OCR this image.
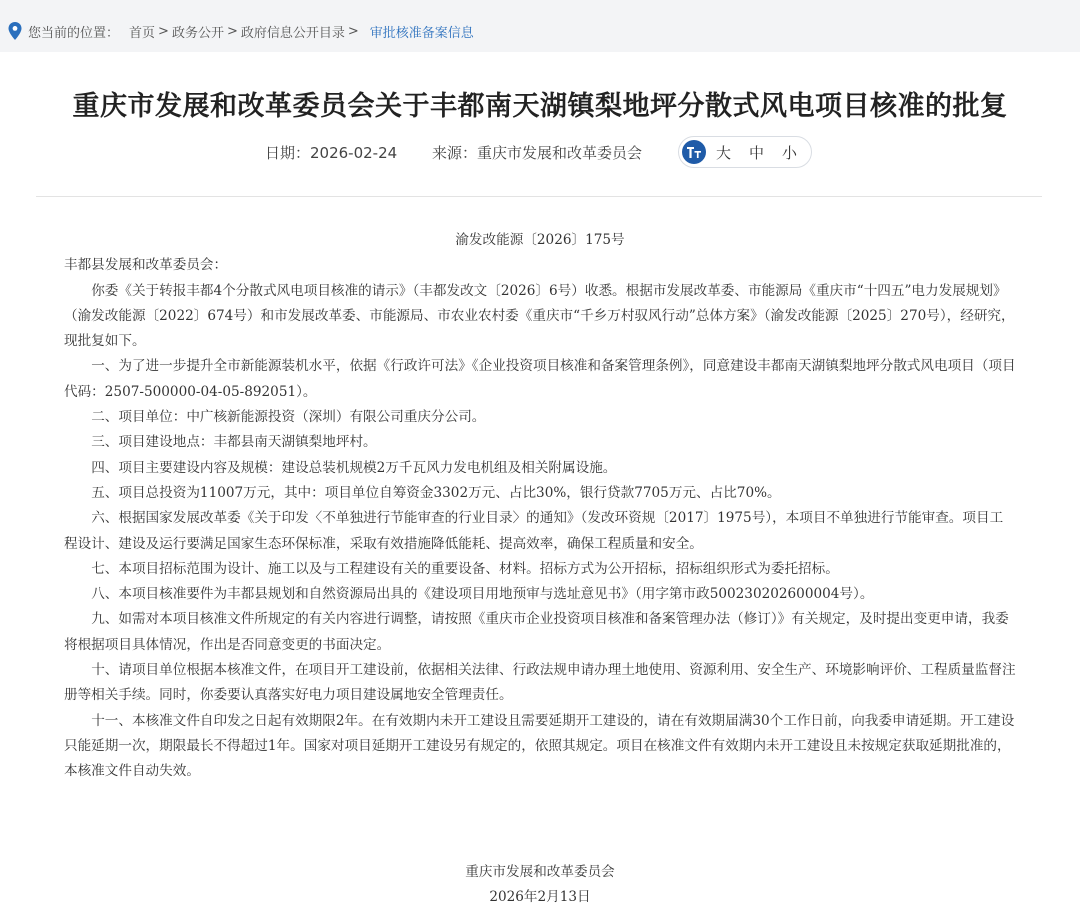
您当前的位置： 首页 > 政务公开 > 政府信息公开目录 > 审批核准备案信息
重庆市发展和改革委员会关于丰都南天湖镇梨地坪分散式风电项目核准的批复
日期：2026-02-24 来源：重庆市发展和改革委员会	大 中 小

渝发改能源〔2026〕175号

丰都县发展和改革委员会：

你委《关于转报丰都4个分散式风电项目核准的请示》（丰都发改文〔2026〕6号）收悉。根据市发展改革委、市能源局《重庆市“十四五”电力发展规划》（渝发改能源〔2022〕674号）和市发展改革委、市能源局、市农业农村委《重庆市“千乡万村驭风行动”总体方案》（渝发改能源〔2025〕270号），经研究，现批复如下。

一、为了进一步提升全市新能源装机水平，依据《行政许可法》《企业投资项目核准和备案管理条例》，同意建设丰都南天湖镇梨地坪分散式风电项目（项目代码：2507-500000-04-05-892051）。

二、项目单位：中广核新能源投资（深圳）有限公司重庆分公司。

三、项目建设地点：丰都县南天湖镇梨地坪村。

四、项目主要建设内容及规模：建设总装机规模2万千瓦风力发电机组及相关附属设施。

五、项目总投资为11007万元，其中：项目单位自筹资金3302万元、占比30%，银行贷款7705万元、占比70%。

六、根据国家发展改革委《关于印发〈不单独进行节能审查的行业目录〉的通知》（发改环资规〔2017〕1975号），本项目不单独进行节能审查。项目工程设计、建设及运行要满足国家生态环保标准，采取有效措施降低能耗、提高效率，确保工程质量和安全。

七、本项目招标范围为设计、施工以及与工程建设有关的重要设备、材料。招标方式为公开招标，招标组织形式为委托招标。

八、本项目核准要件为丰都县规划和自然资源局出具的《建设项目用地预审与选址意见书》（用字第市政500230202600004号）。

九、如需对本项目核准文件所规定的有关内容进行调整，请按照《重庆市企业投资项目核准和备案管理办法（修订）》有关规定，及时提出变更申请，我委将根据项目具体情况，作出是否同意变更的书面决定。

十、请项目单位根据本核准文件，在项目开工建设前，依据相关法律、行政法规申请办理土地使用、资源利用、安全生产、环境影响评价、工程质量监督注册等相关手续。同时，你委要认真落实好电力项目建设属地安全管理责任。

十一、本核准文件自印发之日起有效期限2年。在有效期内未开工建设且需要延期开工建设的，请在有效期届满30个工作日前，向我委申请延期。开工建设只能延期一次，期限最长不得超过1年。国家对项目延期开工建设另有规定的，依照其规定。项目在核准文件有效期内未开工建设且未按规定获取延期批准的，本核准文件自动失效。

重庆市发展和改革委员会
2026年2月13日
